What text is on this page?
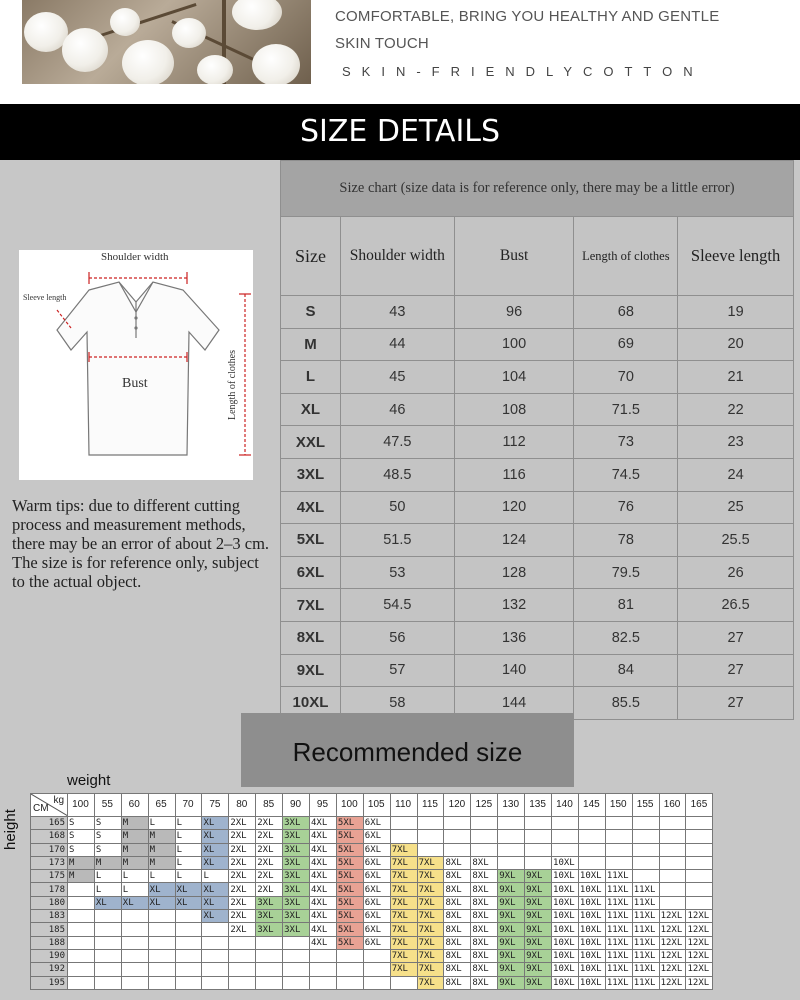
COMFORTABLE, BRING YOU HEALTHY AND GENTLE
SKIN TOUCH
SKIN-FRIENDLYCOTTON
SIZE DETAILS
Shoulder width
Sleeve length
Bust	Length of clothes
Warm tips: due to different cutting process and measurement methods, there may be an error of about 2–3 cm. The size is for reference only, subject to the actual object.
Size chart (size data is for reference only, there may be a little error)				
Size	Shoulder width	Bust	Length of clothes	Sleeve length
S	43	96	68	19
M	44	100	69	20
L	45	104	70	21
XL	46	108	71.5	22
XXL	47.5	112	73	23
3XL	48.5	116	74.5	24
4XL	50	120	76	25
5XL	51.5	124	78	25.5
6XL	53	128	79.5	26
7XL	54.5	132	81	26.5
8XL	56	136	82.5	27
9XL	57	140	84	27
10XL	58	144	85.5	27
Recommended size
weight
height
kg
CM	100	55	60	65	70	75	80	85	90	95	100	105	110	115	120	125	130	135	140	145	150	155	160	165
165	S	S	M	L	L	XL	2XL	2XL	3XL	4XL	5XL	6XL												
168	S	S	M	M	L	XL	2XL	2XL	3XL	4XL	5XL	6XL												
170	S	S	M	M	L	XL	2XL	2XL	3XL	4XL	5XL	6XL	7XL											
173	M	M	M	M	L	XL	2XL	2XL	3XL	4XL	5XL	6XL	7XL	7XL	8XL	8XL			10XL					
175	M	L	L	L	L	L	2XL	2XL	3XL	4XL	5XL	6XL	7XL	7XL	8XL	8XL	9XL	9XL	10XL	10XL	11XL			
178		L	L	XL	XL	XL	2XL	2XL	3XL	4XL	5XL	6XL	7XL	7XL	8XL	8XL	9XL	9XL	10XL	10XL	11XL	11XL		
180		XL	XL	XL	XL	XL	2XL	3XL	3XL	4XL	5XL	6XL	7XL	7XL	8XL	8XL	9XL	9XL	10XL	10XL	11XL	11XL		
183						XL	2XL	3XL	3XL	4XL	5XL	6XL	7XL	7XL	8XL	8XL	9XL	9XL	10XL	10XL	11XL	11XL	12XL	12XL
185							2XL	3XL	3XL	4XL	5XL	6XL	7XL	7XL	8XL	8XL	9XL	9XL	10XL	10XL	11XL	11XL	12XL	12XL
188										4XL	5XL	6XL	7XL	7XL	8XL	8XL	9XL	9XL	10XL	10XL	11XL	11XL	12XL	12XL
190													7XL	7XL	8XL	8XL	9XL	9XL	10XL	10XL	11XL	11XL	12XL	12XL
192													7XL	7XL	8XL	8XL	9XL	9XL	10XL	10XL	11XL	11XL	12XL	12XL
195														7XL	8XL	8XL	9XL	9XL	10XL	10XL	11XL	11XL	12XL	12XL
